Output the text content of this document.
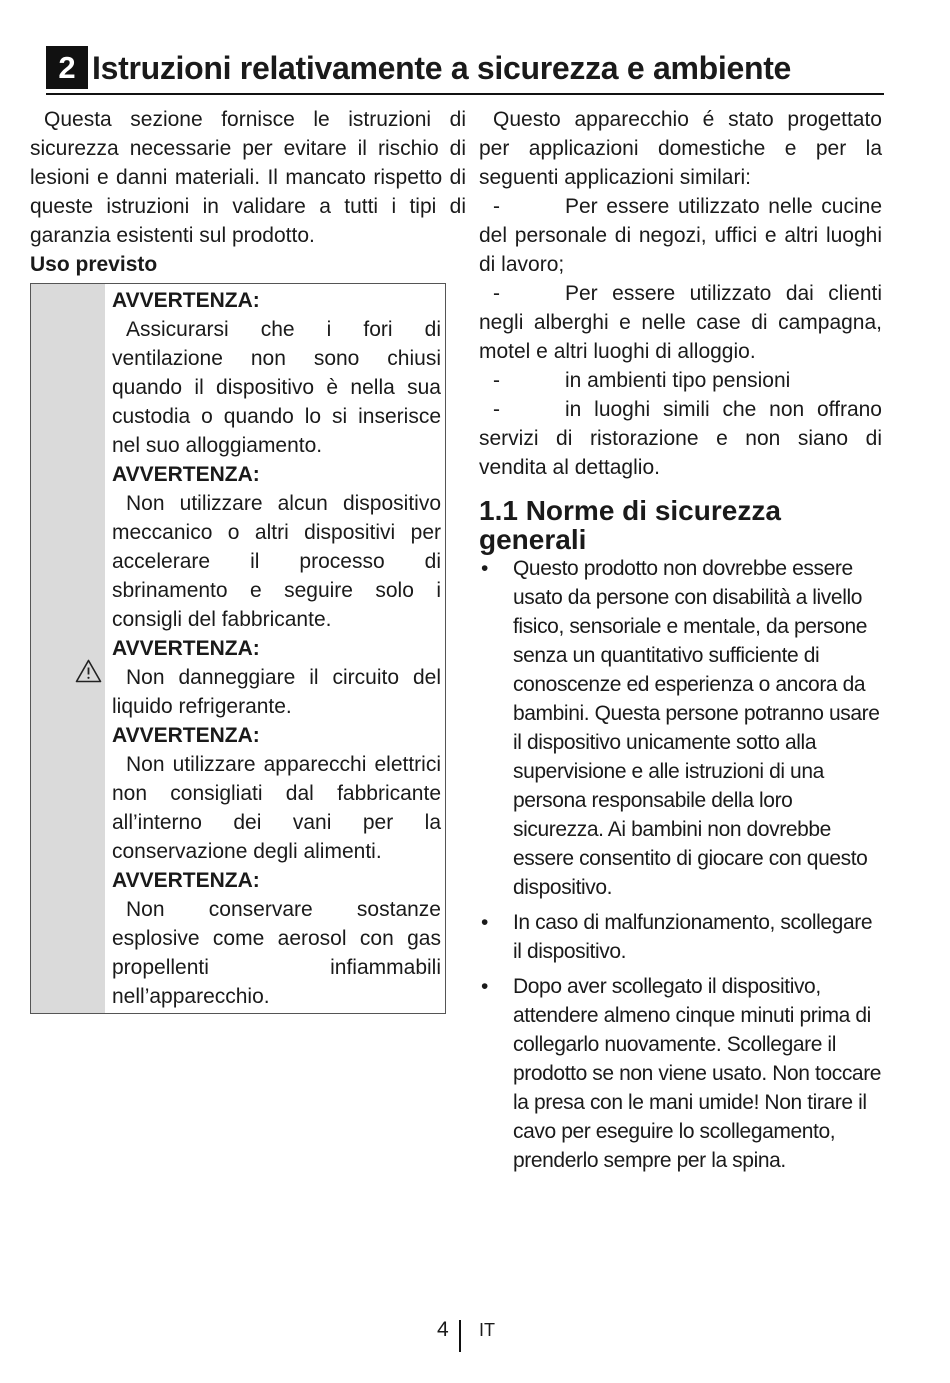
2 Istruzioni relativamente a sicurezza e ambiente

Questa sezione fornisce le istruzioni di sicurezza necessarie per evitare il rischio di lesioni e danni materiali. Il mancato rispetto di queste istruzioni in validare a tutti i tipi di garanzia esistenti sul prodotto.

Uso previsto

AVVERTENZA:

Assicurarsi che i fori di ventilazione non sono chiusi quando il dispositivo è nella sua custodia o quando lo si inserisce nel suo alloggiamento.

AVVERTENZA:

Non utilizzare alcun dispositivo meccanico o altri dispositivi per accelerare il processo di sbrinamento e seguire solo i consigli del fabbricante.

AVVERTENZA:

Non danneggiare il circuito del liquido refrigerante.

AVVERTENZA:

Non utilizzare apparecchi elettrici non consigliati dal fabbricante all’interno dei vani per la conservazione degli alimenti.

AVVERTENZA:

Non conservare sostanze esplosive come aerosol con gas propellenti infiammabili nell’apparecchio.

Questo apparecchio é stato progettato per applicazioni domestiche e per la seguenti applicazioni similari:

-	Per essere utilizzato nelle cucine del personale di negozi, uffici e altri luoghi di lavoro;

-	Per essere utilizzato dai clienti negli alberghi e nelle case di campagna, motel e altri luoghi di alloggio.

-	in ambienti tipo pensioni

-	in luoghi simili che non offrano servizi di ristorazione e non siano di vendita al dettaglio.

1.1 Norme di sicurezza generali
• Questo prodotto non dovrebbe essere usato da persone con disabilità a livello fisico, sensoriale e mentale, da persone senza un quantitativo sufficiente di conoscenze ed esperienza o ancora da bambini. Questa persone potranno usare il dispositivo unicamente sotto alla supervisione e alle istruzioni di una persona responsabile della loro sicurezza. Ai bambini non dovrebbe essere consentito di giocare con questo dispositivo.
• In caso di malfunzionamento, scollegare il dispositivo.
• Dopo aver scollegato il dispositivo, attendere almeno cinque minuti prima di collegarlo nuovamente. Scollegare il prodotto se non viene usato. Non toccare la presa con le mani umide! Non tirare il cavo per eseguire lo scollegamento, prenderlo sempre per la spina.
4 IT
